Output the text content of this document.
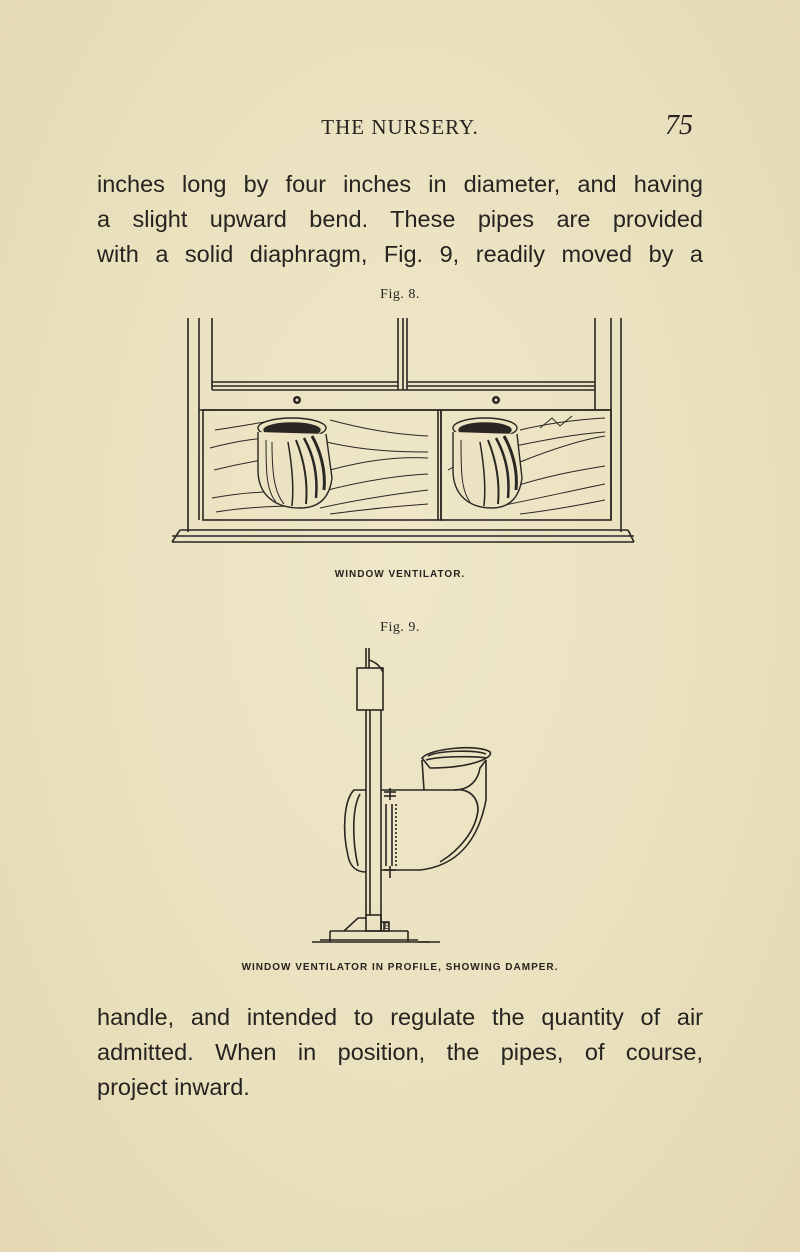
THE NURSERY.	75
inches long by four inches in diameter, and having
a slight upward bend. These pipes are provided
with a solid diaphragm, Fig. 9, readily moved by a
Fig. 8.
WINDOW VENTILATOR.
Fig. 9.
B
WINDOW VENTILATOR IN PROFILE, SHOWING DAMPER.
handle, and intended to regulate the quantity of air
admitted. When in position, the pipes, of course,
project inward.
